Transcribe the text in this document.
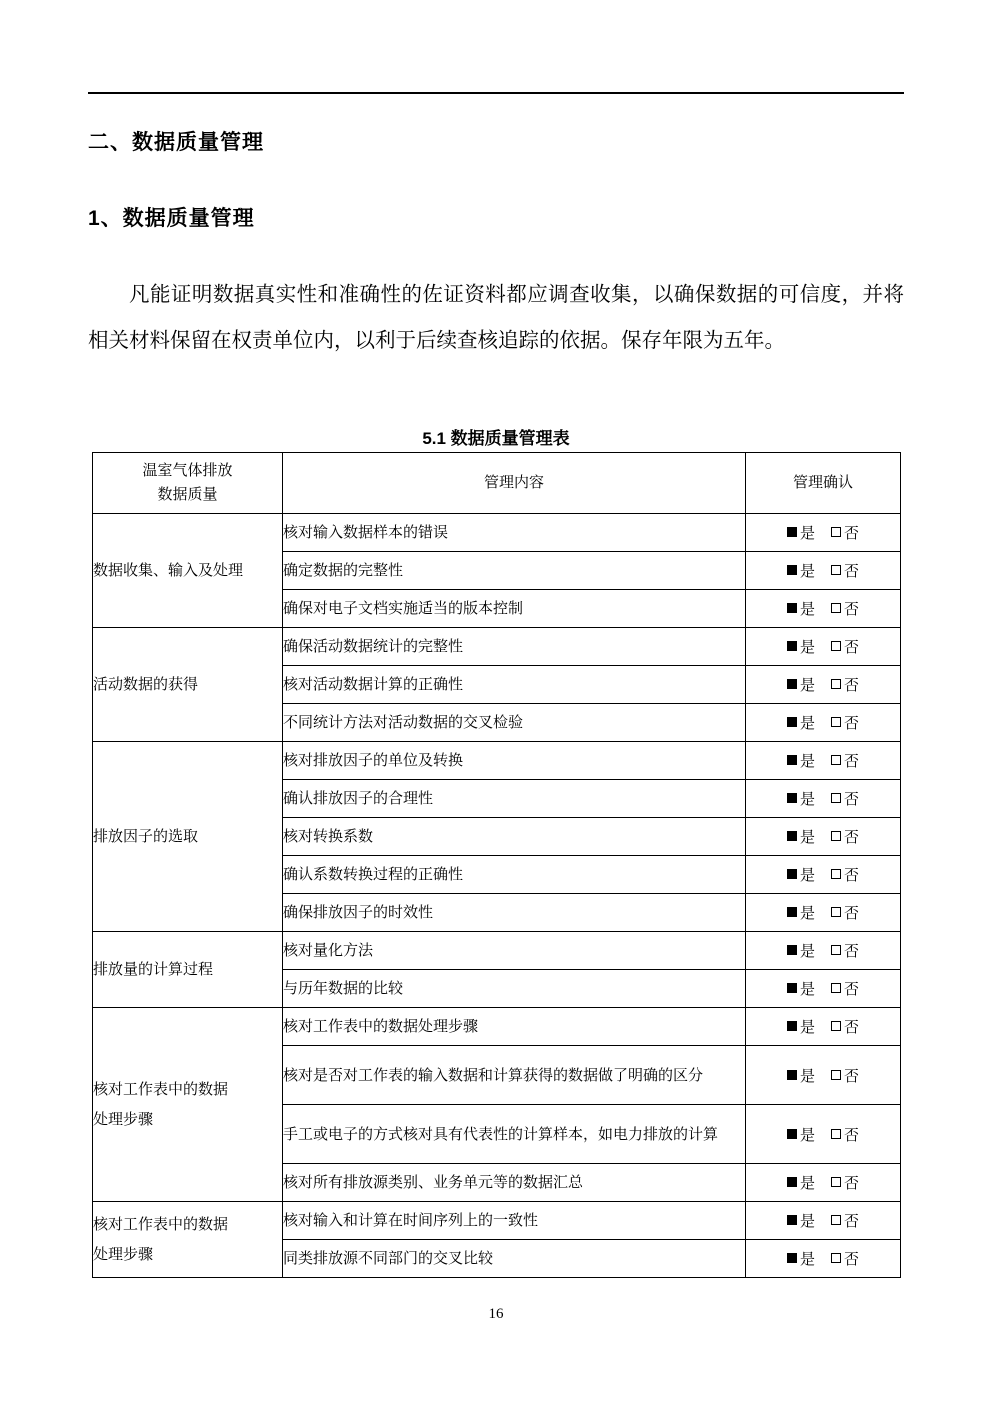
二、数据质量管理
1、数据质量管理
凡能证明数据真实性和准确性的佐证资料都应调查收集，以确保数据的可信度，并将相关材料保留在权责单位内，以利于后续查核追踪的依据。保存年限为五年。
5.1 数据质量管理表
温室气体排放
数据质量	管理内容	管理确认
数据收集、输入及处理	核对输入数据样本的错误	是 否
	确定数据的完整性	是 否
	确保对电子文档实施适当的版本控制	是 否
活动数据的获得	确保活动数据统计的完整性	是 否
	核对活动数据计算的正确性	是 否
	不同统计方法对活动数据的交叉检验	是 否
排放因子的选取	核对排放因子的单位及转换	是 否
	确认排放因子的合理性	是 否
	核对转换系数	是 否
	确认系数转换过程的正确性	是 否
	确保排放因子的时效性	是 否
排放量的计算过程	核对量化方法	是 否
	与历年数据的比较	是 否

核对工作表中的数据
处理步骤	核对工作表中的数据处理步骤	是 否
	核对是否对工作表的输入数据和计算获得的数据做了明确的区分	是 否
	手工或电子的方式核对具有代表性的计算样本，如电力排放的计算	是 否
	核对所有排放源类别、业务单元等的数据汇总	是 否

核对工作表中的数据
处理步骤	核对输入和计算在时间序列上的一致性	是 否
	同类排放源不同部门的交叉比较	是 否
16
